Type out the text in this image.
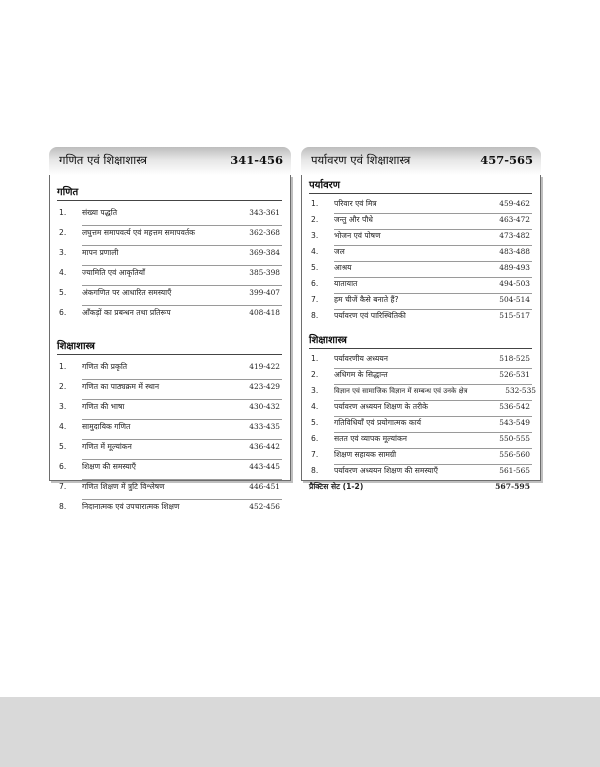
गणित एवं शिक्षाशास्त्र	341-456
गणित
1. संख्या पद्धति	343-361
2. लघुत्तम समापवर्त्य एवं महत्तम समापवर्तक	362-368
3. मापन प्रणाली	369-384
4. ज्यामिति एवं आकृतियाँ	385-398
5. अंकगणित पर आधारित समस्याएँ	399-407
6. आँकड़ों का प्रबन्धन तथा प्रतिरूप	408-418
शिक्षाशास्त्र
1. गणित की प्रकृति	419-422
2. गणित का पाठ्यक्रम में स्थान	423-429
3. गणित की भाषा	430-432
4. सामुदायिक गणित	433-435
5. गणित में मूल्यांकन	436-442
6. शिक्षण की समस्याएँ	443-445
7. गणित शिक्षण में त्रुटि विश्लेषण	446-451
8. निदानात्मक एवं उपचारात्मक शिक्षण	452-456
पर्यावरण एवं शिक्षाशास्त्र	457-565
पर्यावरण
1. परिवार एवं मित्र	459-462
2. जन्तु और पौधे	463-472
3. भोजन एवं पोषण	473-482
4. जल	483-488
5. आश्रय	489-493
6. यातायात	494-503
7. हम चीजें कैसे बनाते हैं?	504-514
8. पर्यावरण एवं पारिस्थितिकी	515-517
शिक्षाशास्त्र
1. पर्यावरणीय अध्ययन	518-525
2. अधिगम के सिद्धान्त	526-531
3. विज्ञान एवं सामाजिक विज्ञान में सम्बन्ध एवं उनके क्षेत्र	532-535
4. पर्यावरण अध्ययन शिक्षण के तरीके	536-542
5. गतिविधियाँ एवं प्रयोगात्मक कार्य	543-549
6. सतत एवं व्यापक मूल्यांकन	550-555
7. शिक्षण सहायक सामग्री	556-560
8. पर्यावरण अध्ययन शिक्षण की समस्याएँ	561-565
प्रैक्टिस सेट (1-2)	567-595
